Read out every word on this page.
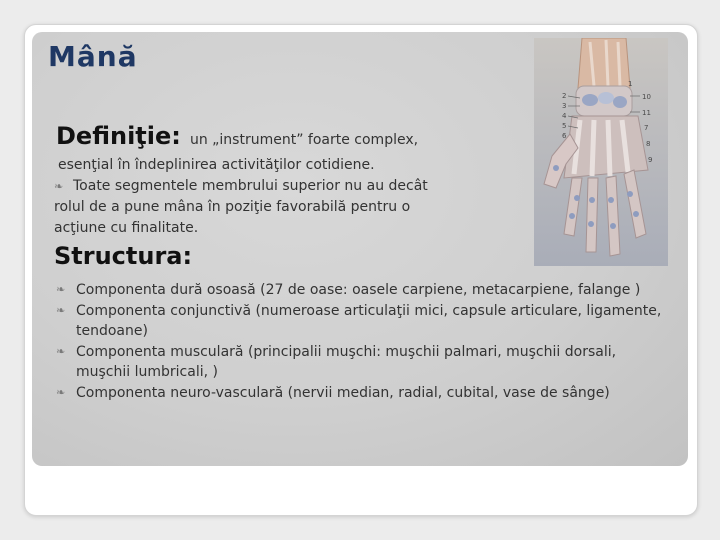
Mână
Definiţie: un „instrument” foarte complex,
esenţial în îndeplinirea activităţilor cotidiene.
❧ Toate segmentele membrului superior nu au decât rolul de a pune mâna în poziţie favorabilă pentru o acţiune cu finalitate.
Structura:
❧ Componenta dură osoasă (27 de oase: oasele carpiene, metacarpiene, falange )
❧ Componenta conjunctivă (numeroase articulaţii mici, capsule articulare, ligamente, tendoane)
❧ Componenta musculară (principalii muşchi: muşchii palmari, muşchii dorsali, muşchii lumbricali, )
❧ Componenta neuro-vasculară (nervii median, radial, cubital, vase de sânge)
2
3
4
5
6
1
10
11
7
8
9
